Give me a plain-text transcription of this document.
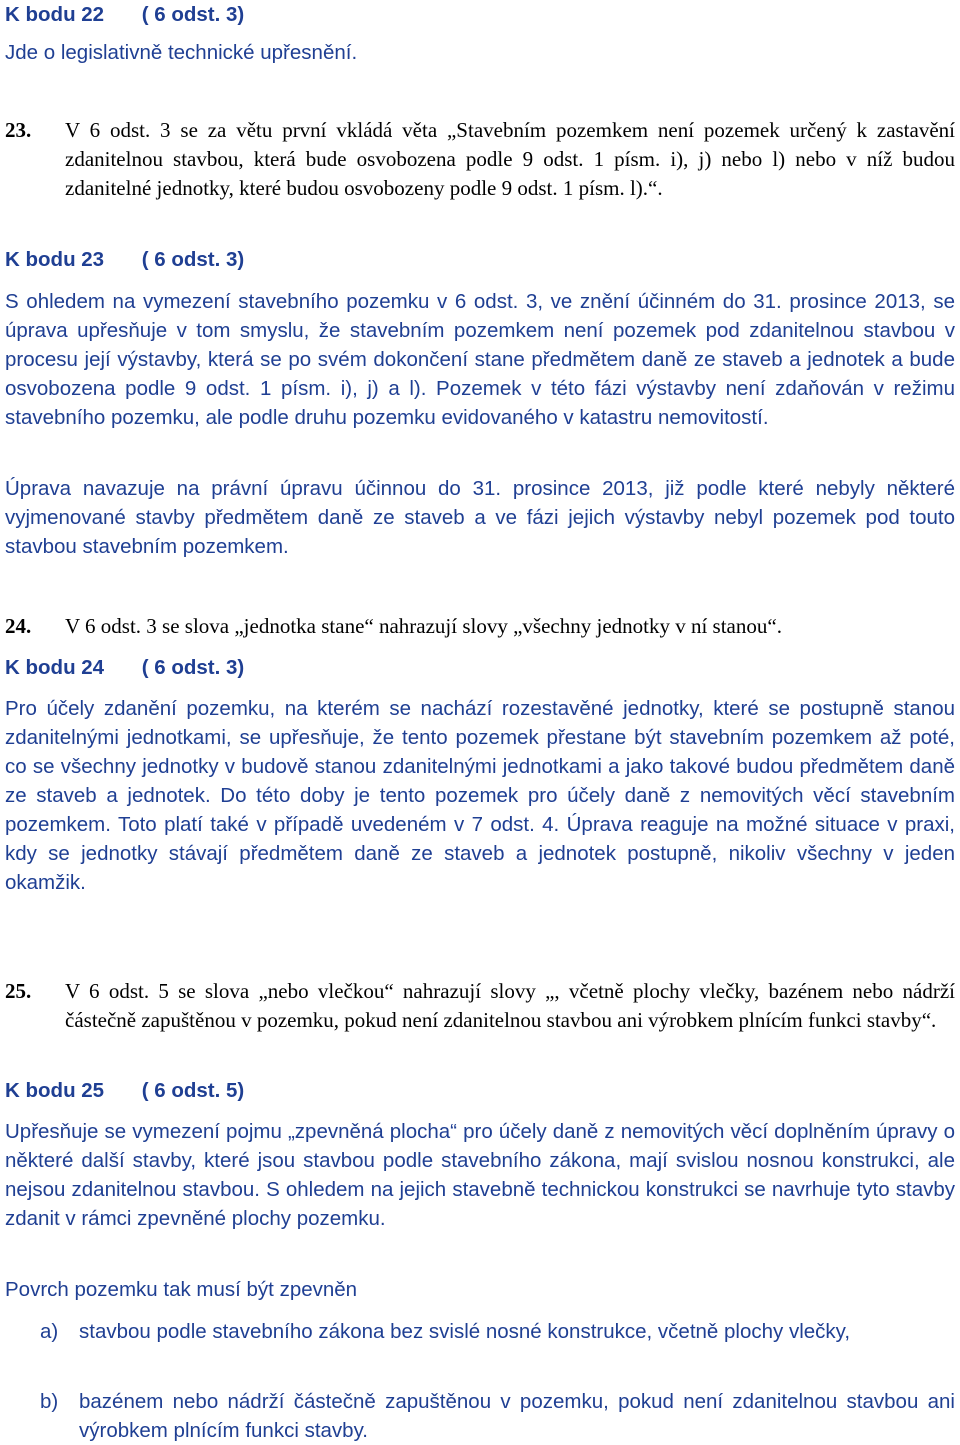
K bodu 22	( 6 odst. 3)
Jde o legislativně technické upřesnění.
23. V 6 odst. 3 se za větu první vkládá věta „Stavebním pozemkem není pozemek určený k zastavění zdanitelnou stavbou, která bude osvobozena podle 9 odst. 1 písm. i), j) nebo l) nebo v níž budou zdanitelné jednotky, které budou osvobozeny podle 9 odst. 1 písm. l).“.
K bodu 23	( 6 odst. 3)
S ohledem na vymezení stavebního pozemku v 6 odst. 3, ve znění účinném do 31. prosince 2013, se úprava upřesňuje v tom smyslu, že stavebním pozemkem není pozemek pod zdanitelnou stavbou v procesu její výstavby, která se po svém dokončení stane předmětem daně ze staveb a jednotek a bude osvobozena podle 9 odst. 1 písm. i), j) a l). Pozemek v této fázi výstavby není zdaňován v režimu stavebního pozemku, ale podle druhu pozemku evidovaného v katastru nemovitostí.
Úprava navazuje na právní úpravu účinnou do 31. prosince 2013, již podle které nebyly některé vyjmenované stavby předmětem daně ze staveb a ve fázi jejich výstavby nebyl pozemek pod touto stavbou stavebním pozemkem.
24. V 6 odst. 3 se slova „jednotka stane“ nahrazují slovy „všechny jednotky v ní stanou“.
K bodu 24	( 6 odst. 3)
Pro účely zdanění pozemku, na kterém se nachází rozestavěné jednotky, které se postupně stanou zdanitelnými jednotkami, se upřesňuje, že tento pozemek přestane být stavebním pozemkem až poté, co se všechny jednotky v budově stanou zdanitelnými jednotkami a jako takové budou předmětem daně ze staveb a jednotek. Do této doby je tento pozemek pro účely daně z nemovitých věcí stavebním pozemkem. Toto platí také v případě uvedeném v 7 odst. 4. Úprava reaguje na možné situace v praxi, kdy se jednotky stávají předmětem daně ze staveb a jednotek postupně, nikoliv všechny v jeden okamžik.
25. V 6 odst. 5 se slova „nebo vlečkou“ nahrazují slovy „, včetně plochy vlečky, bazénem nebo nádrží částečně zapuštěnou v pozemku, pokud není zdanitelnou stavbou ani výrobkem plnícím funkci stavby“.
K bodu 25	( 6 odst. 5)
Upřesňuje se vymezení pojmu „zpevněná plocha“ pro účely daně z nemovitých věcí doplněním úpravy o některé další stavby, které jsou stavbou podle stavebního zákona, mají svislou nosnou konstrukci, ale nejsou zdanitelnou stavbou. S ohledem na jejich stavebně technickou konstrukci se navrhuje tyto stavby zdanit v rámci zpevněné plochy pozemku.
Povrch pozemku tak musí být zpevněn
a) stavbou podle stavebního zákona bez svislé nosné konstrukce, včetně plochy vlečky,
b) bazénem nebo nádrží částečně zapuštěnou v pozemku, pokud není zdanitelnou stavbou ani výrobkem plnícím funkci stavby.
